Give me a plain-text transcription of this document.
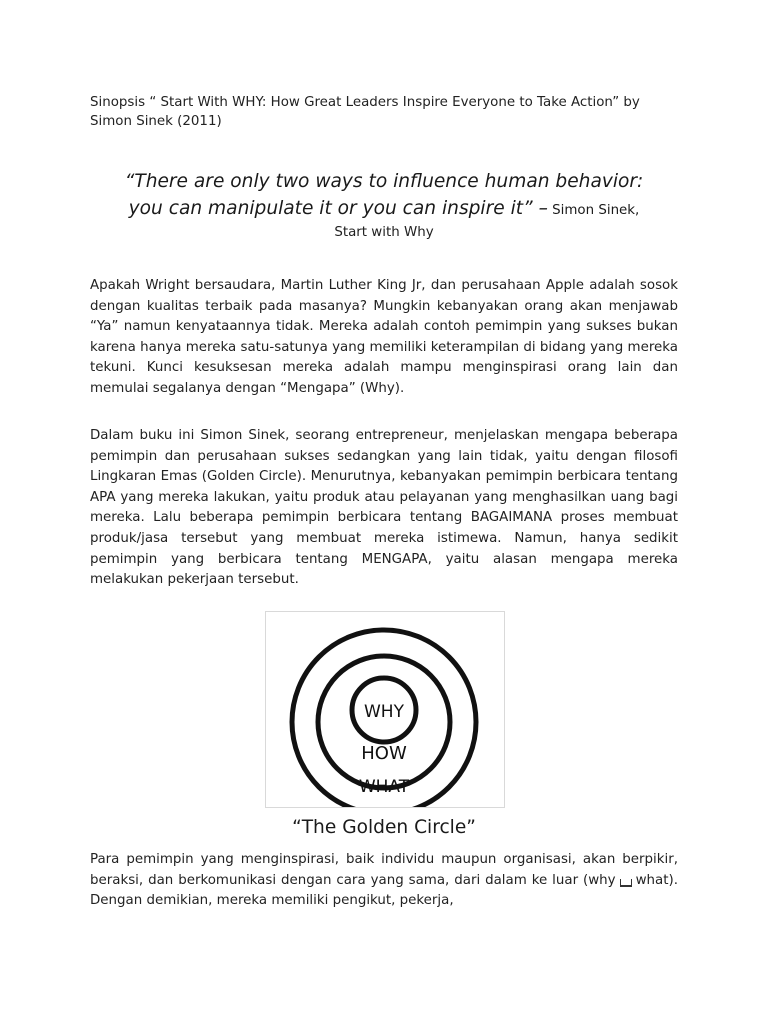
Sinopsis “ Start With WHY: How Great Leaders Inspire Everyone to Take Action” by
Simon Sinek (2011)

“There are only two ways to influence human behavior:
you can manipulate it or you can inspire it” – Simon Sinek,
Start with Why

Apakah Wright bersaudara, Martin Luther King Jr, dan perusahaan Apple adalah sosok dengan kualitas terbaik pada masanya? Mungkin kebanyakan orang akan menjawab “Ya” namun kenyataannya tidak. Mereka adalah contoh pemimpin yang sukses bukan karena hanya mereka satu-satunya yang memiliki keterampilan di bidang yang mereka tekuni. Kunci kesuksesan mereka adalah mampu menginspirasi orang lain dan memulai segalanya dengan “Mengapa” (Why).

Dalam buku ini Simon Sinek, seorang entrepreneur, menjelaskan mengapa beberapa pemimpin dan perusahaan sukses sedangkan yang lain tidak, yaitu dengan filosofi Lingkaran Emas (Golden Circle). Menurutnya, kebanyakan pemimpin berbicara tentang APA yang mereka lakukan, yaitu produk atau pelayanan yang menghasilkan uang bagi mereka. Lalu beberapa pemimpin berbicara tentang BAGAIMANA proses membuat produk/jasa tersebut yang membuat mereka istimewa. Namun, hanya sedikit pemimpin yang berbicara tentang MENGAPA, yaitu alasan mengapa mereka melakukan pekerjaan tersebut.

“The Golden Circle”

Para pemimpin yang menginspirasi, baik individu maupun organisasi, akan berpikir, beraksi, dan berkomunikasi dengan cara yang sama, dari dalam ke luar (why what). Dengan demikian, mereka memiliki pengikut, pekerja,

WHY
HOW
WHAT
